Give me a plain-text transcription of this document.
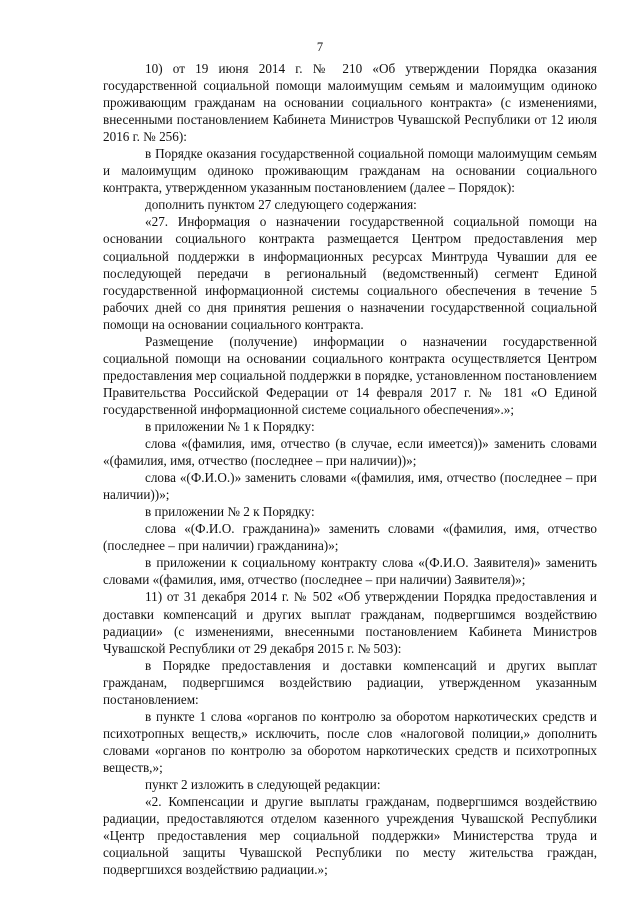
7

10) от 19 июня 2014 г. № 210 «Об утверждении Порядка оказания государственной социальной помощи малоимущим семьям и малоимущим одиноко проживающим гражданам на основании социального контракта» (с изменениями, внесенными постановлением Кабинета Министров Чувашской Республики от 12 июля 2016 г. № 256):

в Порядке оказания государственной социальной помощи малоимущим семьям и малоимущим одиноко проживающим гражданам на основании социального контракта, утвержденном указанным постановлением (далее – Порядок):

дополнить пунктом 27 следующего содержания:

«27. Информация о назначении государственной социальной помощи на основании социального контракта размещается Центром предоставления мер социальной поддержки в информационных ресурсах Минтруда Чувашии для ее последующей передачи в региональный (ведомственный) сегмент Единой государственной информационной системы социального обеспечения в течение 5 рабочих дней со дня принятия решения о назначении государственной социальной помощи на основании социального контракта.

Размещение (получение) информации о назначении государственной социальной помощи на основании социального контракта осуществляется Центром предоставления мер социальной поддержки в порядке, установленном постановлением Правительства Российской Федерации от 14 февраля 2017 г. № 181 «О Единой государственной информационной системе социального обеспечения».»;

в приложении № 1 к Порядку:

слова «(фамилия, имя, отчество (в случае, если имеется))» заменить словами «(фамилия, имя, отчество (последнее – при наличии))»;

слова «(Ф.И.О.)» заменить словами «(фамилия, имя, отчество (последнее – при наличии))»;

в приложении № 2 к Порядку:

слова «(Ф.И.О. гражданина)» заменить словами «(фамилия, имя, отчество (последнее – при наличии) гражданина)»;

в приложении к социальному контракту слова «(Ф.И.О. Заявителя)» заменить словами «(фамилия, имя, отчество (последнее – при наличии) Заявителя)»;

11) от 31 декабря 2014 г. № 502 «Об утверждении Порядка предоставления и доставки компенсаций и других выплат гражданам, подвергшимся воздействию радиации» (с изменениями, внесенными постановлением Кабинета Министров Чувашской Республики от 29 декабря 2015 г. № 503):

в Порядке предоставления и доставки компенсаций и других выплат гражданам, подвергшимся воздействию радиации, утвержденном указанным постановлением:

в пункте 1 слова «органов по контролю за оборотом наркотических средств и психотропных веществ,» исключить, после слов «налоговой полиции,» дополнить словами «органов по контролю за оборотом наркотических средств и психотропных веществ,»;

пункт 2 изложить в следующей редакции:

«2. Компенсации и другие выплаты гражданам, подвергшимся воздействию радиации, предоставляются отделом казенного учреждения Чувашской Республики «Центр предоставления мер социальной поддержки» Министерства труда и социальной защиты Чувашской Республики по месту жительства граждан, подвергшихся воздействию радиации.»;
